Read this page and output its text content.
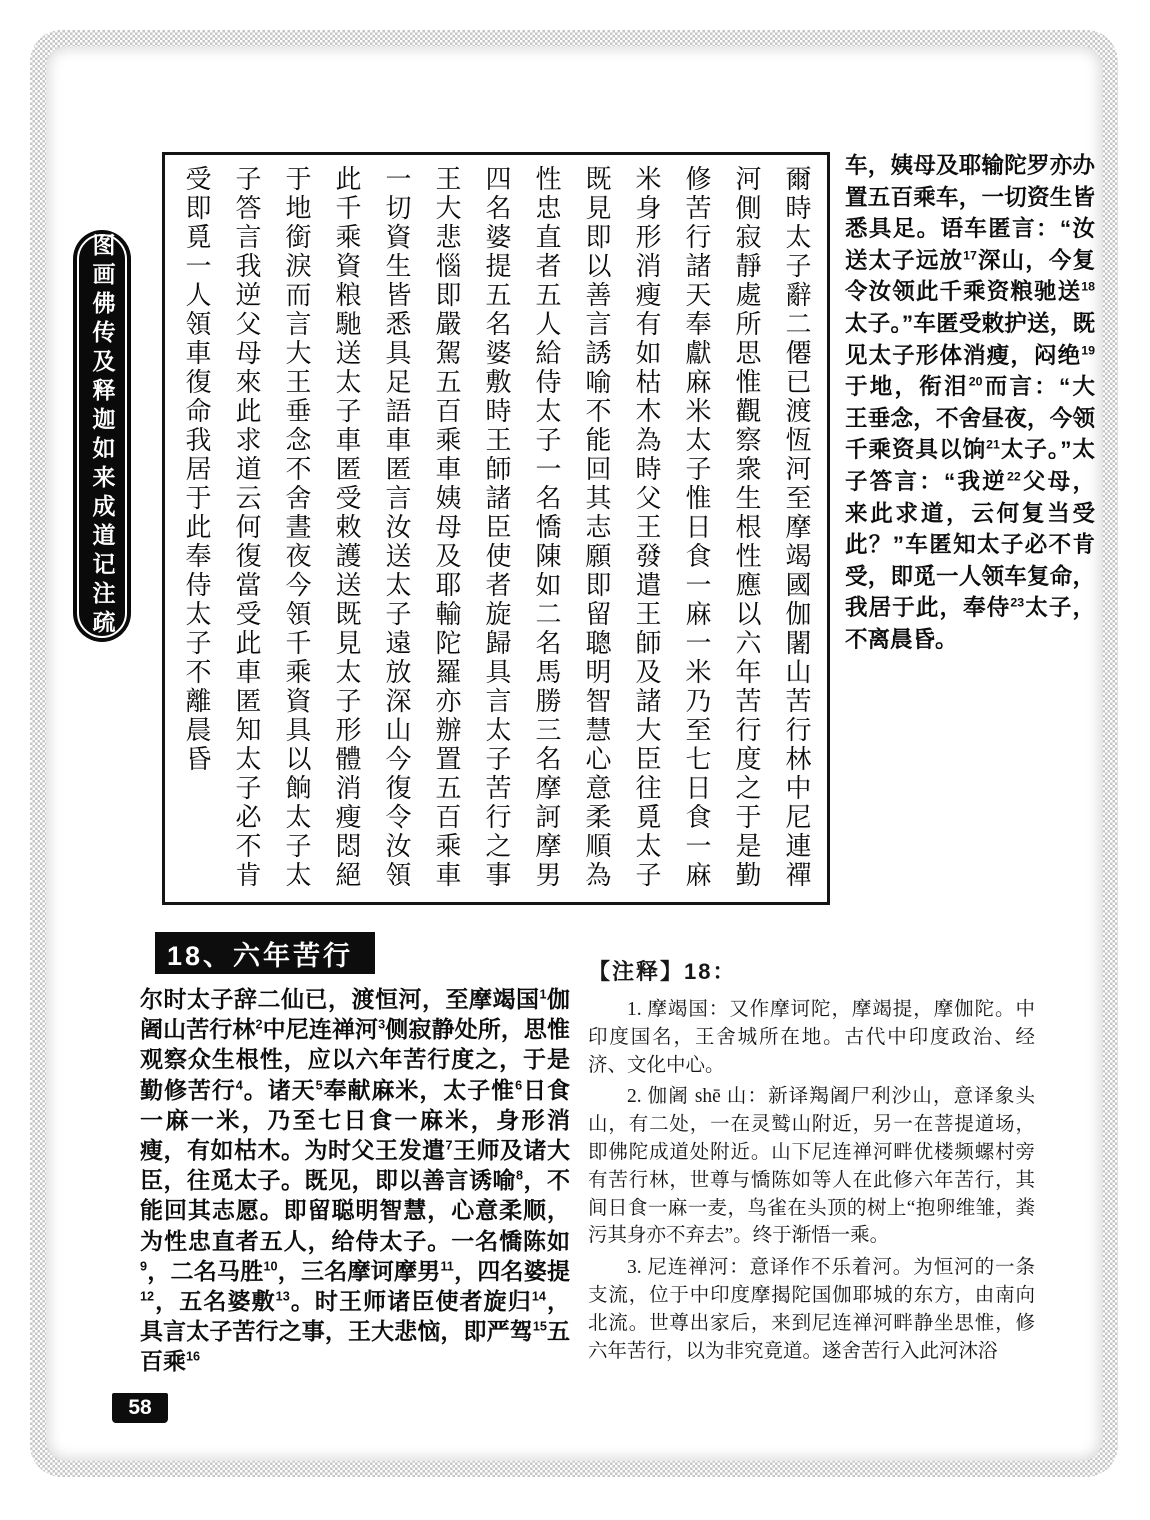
图画佛传及释迦如来成道记注疏	爾時太子辭二僊已渡恆河至摩竭國伽闍山苦行林中尼連禪
河側寂靜處所思惟觀察衆生根性應以六年苦行度之于是勤
修苦行諸天奉獻麻米太子惟日食一麻一米乃至七日食一麻
米身形消瘦有如枯木為時父王發遣王師及諸大臣往覓太子
既見即以善言誘喻不能回其志願即留聰明智慧心意柔順為
性忠直者五人給侍太子一名憍陳如二名馬勝三名摩訶摩男
四名婆提五名婆敷時王師諸臣使者旋歸具言太子苦行之事
王大悲惱即嚴駕五百乘車姨母及耶輸陀羅亦辦置五百乘車
一切資生皆悉具足語車匿言汝送太子遠放深山今復令汝領
此千乘資粮馳送太子車匿受敕護送既見太子形體消瘦悶絕
于地銜淚而言大王垂念不舍晝夜今領千乘資具以餉太子太
子答言我逆父母來此求道云何復當受此車匿知太子必不肯
受即覓一人領車復命我居于此奉侍太子不離晨昏	车，姨母及耶输陀罗亦办置五百乘车，一切资生皆悉具足。语车匿言：“汝送太子远放$^{17}$深山，今复令汝领此千乘资粮驰送$^{18}$太子。”车匿受敕护送，既见太子形体消瘦，闷绝$^{19}$于地，衔泪$^{20}$而言：“大王垂念，不舍昼夜，今领千乘资具以饷$^{21}$太子。”太子答言：“我逆$^{22}$父母，来此求道，云何复当受此？”车匿知太子必不肯受，即觅一人领车复命，我居于此，奉侍$^{23}$太子，不离晨昏。

18、六年苦行

尔时太子辞二仙已，渡恒河，至摩竭国$^1$伽阇山苦行林$^2$中尼连禅河$^3$侧寂静处所，思惟观察众生根性，应以六年苦行度之，于是勤修苦行$^4$。诸天$^5$奉献麻米，太子惟$^6$日食一麻一米，乃至七日食一麻米，身形消瘦，有如枯木。为时父王发遣$^7$王师及诸大臣，往觅太子。既见，即以善言诱喻$^8$，不能回其志愿。即留聪明智慧，心意柔顺，为性忠直者五人，给侍太子。一名憍陈如$^9$，二名马胜$^{10}$，三名摩诃摩男$^{11}$，四名婆提$^{12}$，五名婆敷$^{13}$。时王师诸臣使者旋归$^{14}$，具言太子苦行之事，王大悲恼，即严驾$^{15}$五百乘$^{16}$

【注释】18：

1. 摩竭国：又作摩诃陀，摩竭提，摩伽陀。中印度国名，王舍城所在地。古代中印度政治、经济、文化中心。

2. 伽阇 shē 山：新译羯阇尸利沙山，意译象头山，有二处，一在灵鹫山附近，另一在菩提道场，即佛陀成道处附近。山下尼连禅河畔优楼频螺村旁有苦行林，世尊与憍陈如等人在此修六年苦行，其间日食一麻一麦，鸟雀在头顶的树上“抱卵维雏，粪污其身亦不弃去”。终于渐悟一乘。

3. 尼连禅河：意译作不乐着河。为恒河的一条支流，位于中印度摩揭陀国伽耶城的东方，由南向北流。世尊出家后，来到尼连禅河畔静坐思惟，修六年苦行，以为非究竟道。遂舍苦行入此河沐浴

58
